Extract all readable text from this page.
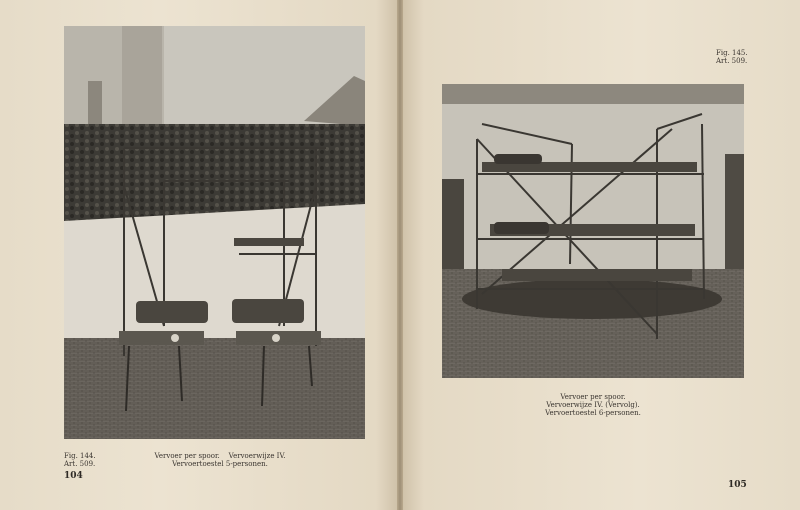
Fig. 144.
Art. 509.
Vervoer per spoor.    Vervoerwijze IV.
Vervoertoestel 5-personen.
104
Fig. 145.
Art. 509.
Vervoer per spoor.
Vervoerwijze IV. (Vervolg).
Vervoertoestel 6-personen.
105
